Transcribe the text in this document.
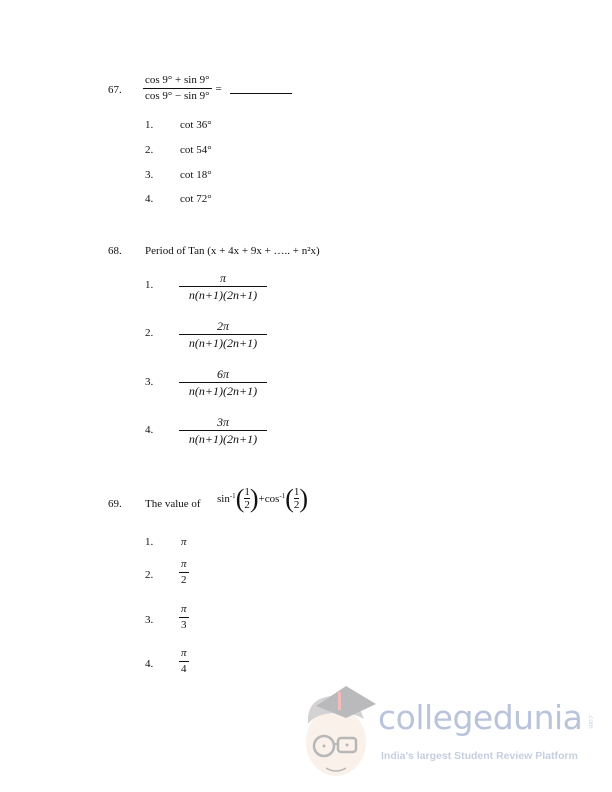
67. $\frac{\cos 9^\circ + \sin 9^\circ}{\cos 9^\circ - \sin 9^\circ}$ =
1. cot 36°
2. cot 54°
3. cot 18°
4. cot 72°
68. Period of Tan (x + 4x + 9x + ….. + n²x)
1. $\frac{\pi}{n(n+1)(2n+1)}$
2. $\frac{2\pi}{n(n+1)(2n+1)}$
3. $\frac{6\pi}{n(n+1)(2n+1)}$
4. $\frac{3\pi}{n(n+1)(2n+1)}$
69. The value of $\sin^{-1}$ ( $\frac{1}{2}$ ) $+\cos^{-1}$ ( $\frac{1}{2}$ )
1.	π
2. $\frac{\pi}{2}$
3. $\frac{\pi}{3}$
4. $\frac{\pi}{4}$
collegedunia .com
India's largest Student Review Platform
